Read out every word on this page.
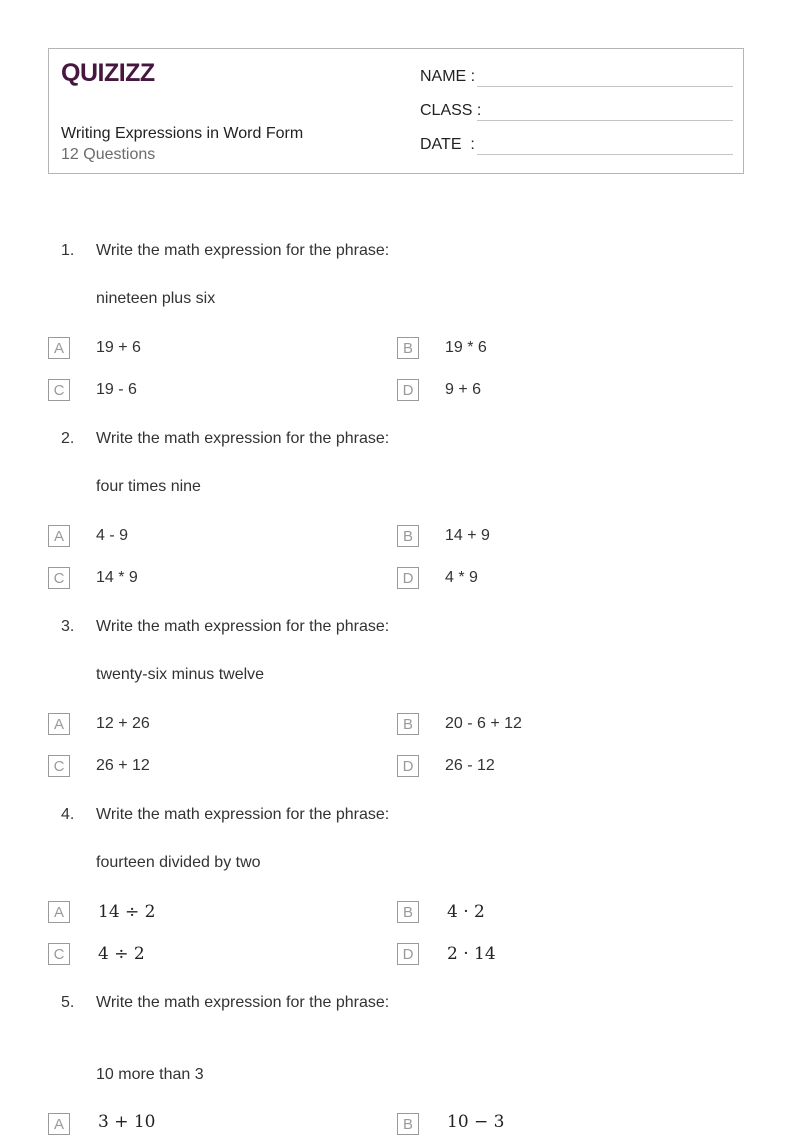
QUIZIZZ
Writing Expressions in Word Form
12 Questions
NAME :
CLASS :
DATE  :
1. Write the math expression for the phrase:
nineteen plus six
A	19 + 6	B	19 * 6
C	19 - 6	D	9 + 6
2. Write the math expression for the phrase:
four times nine
A	4 - 9	B	14 + 9
C	14 * 9	D	4 * 9
3. Write the math expression for the phrase:
twenty-six minus twelve
A	12 + 26	B	20 - 6 + 12
C	26 + 12	D	26 - 12
4. Write the math expression for the phrase:
fourteen divided by two
A	14 ÷ 2	B	4 · 2
C	4 ÷ 2	D	2 · 14
5. Write the math expression for the phrase:
10 more than 3
A	3 + 10	B	10 − 3
